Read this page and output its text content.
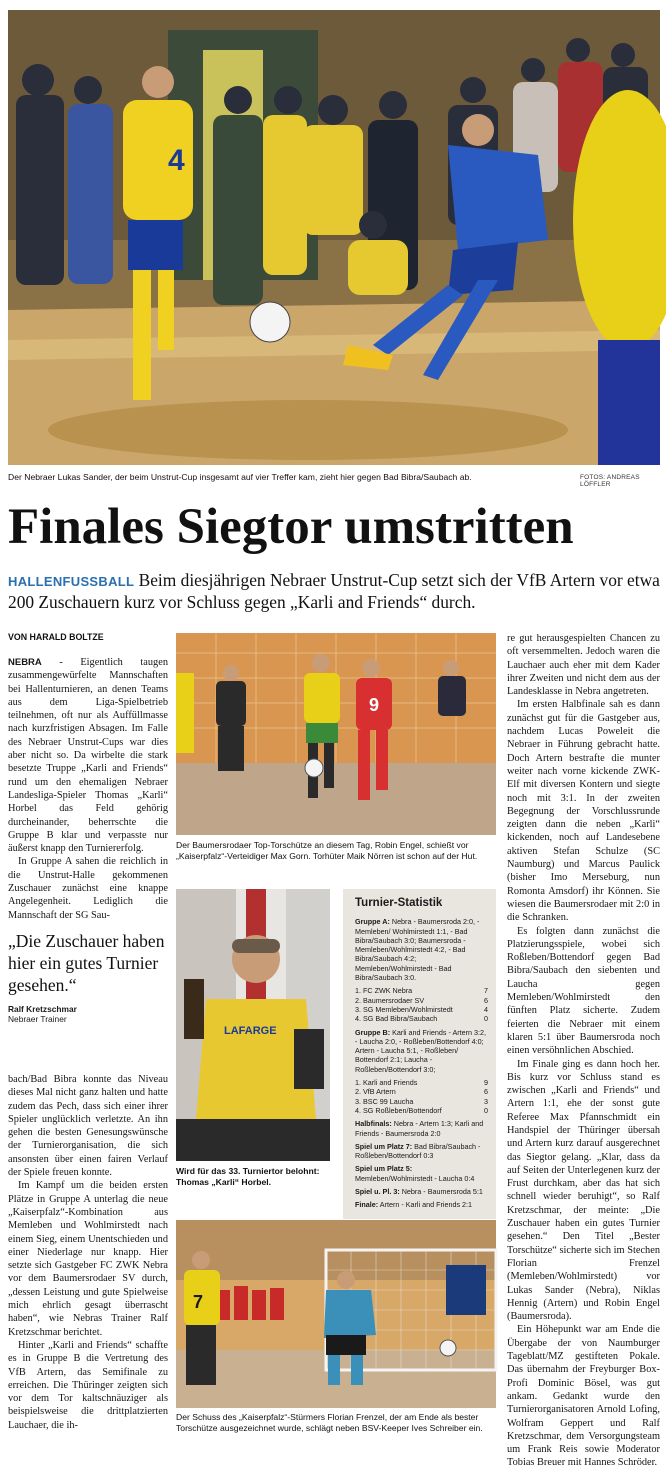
4
Der Nebraer Lukas Sander, der beim Unstrut-Cup insgesamt auf vier Treffer kam, zieht hier gegen Bad Bibra/Saubach ab.	FOTOS: ANDREAS LÖFFLER
Finales Siegtor umstritten
HALLENFUSSBALL Beim diesjährigen Nebraer Unstrut-Cup setzt sich der VfB Artern vor etwa 200 Zuschauern kurz vor Schluss gegen „Karli and Friends“ durch.
VON HARALD BOLTZE

NEBRA - Eigentlich taugen zusammengewürfelte Mannschaften bei Hallenturnieren, an denen Teams aus dem Liga-Spielbetrieb teilnehmen, oft nur als Auffüllmasse nach kurzfristigen Absagen. Im Falle des Nebraer Unstrut-Cups war dies aber nicht so. Da wirbelte die stark besetzte Truppe „Karli and Friends“ rund um den ehemaligen Nebraer Landesliga-Spieler Thomas „Karli“ Horbel das Feld gehörig durcheinander, beherrschte die Gruppe B klar und verpasste nur äußerst knapp den Turniererfolg.

In Gruppe A sahen die reichlich in die Unstrut-Halle gekommenen Zuschauer zunächst eine knappe Angelegenheit. Lediglich die Mannschaft der SG Sau-

„Die Zuschauer haben hier ein gutes Turnier gesehen.“
Ralf Kretzschmar
Nebraer Trainer

bach/Bad Bibra konnte das Niveau dieses Mal nicht ganz halten und hatte zudem das Pech, dass sich einer ihrer Spieler unglücklich verletzte. An ihn gehen die besten Genesungswünsche der Turnierorganisation, die sich ansonsten über einen fairen Verlauf der Spiele freuen konnte.

Im Kampf um die beiden ersten Plätze in Gruppe A unterlag die neue „Kaiserpfalz“-Kombination aus Memleben und Wohlmirstedt nach einem Sieg, einem Unentschieden und einer Niederlage nur knapp. Hier setzte sich Gastgeber FC ZWK Nebra vor dem Baumersrodaer SV durch, „dessen Leistung und gute Spielweise mich ehrlich gesagt überrascht haben“, wie Nebras Trainer Ralf Kretzschmar berichtet.

Hinter „Karli and Friends“ schaffte es in Gruppe B die Vertretung des VfB Artern, das Semifinale zu erreichen. Die Thüringer zeigten sich vor dem Tor kaltschnäuziger als beispielsweise die drittplatzierten Lauchaer, die ih-

9
Der Baumersrodaer Top-Torschütze an diesem Tag, Robin Engel, schießt vor „Kaiserpfalz“-Verteidiger Max Gorn. Torhüter Maik Nörren ist schon auf der Hut.
LAFARGE
Wird für das 33. Turniertor belohnt: Thomas „Karli“ Horbel.
Turnier-Statistik
Gruppe A: Nebra - Baumersroda 2:0, - Memleben/ Wohlmirstedt 1:1, - Bad Bibra/Saubach 3:0; Baumersroda - Memleben/Wohlmirstedt 4:2, - Bad Bibra/Saubach 4:2; Memleben/Wohlmirstedt - Bad Bibra/Saubach 3:0.
1. FC ZWK Nebra	7
2. Baumersrodaer SV	6
3. SG Memleben/Wohlmirstedt	4
4. SG Bad Bibra/Saubach	0
Gruppe B: Karli and Friends - Artern 3:2, - Laucha 2:0, - Roßleben/Bottendorf 4:0; Artern - Laucha 5:1, - Roßleben/ Bottendorf 2:1; Laucha - Roßleben/Bottendorf 3:0;
1. Karli and Friends	9
2. VfB Artern	6
3. BSC 99 Laucha	3
4. SG Roßleben/Bottendorf	0
Halbfinals: Nebra - Artern 1:3; Karli and Friends - Baumersroda 2:0
Spiel um Platz 7: Bad Bibra/Saubach - Roßleben/Bottendorf 0:3
Spiel um Platz 5: Memleben/Wohlmirstedt - Laucha 0:4
Spiel u. Pl. 3: Nebra - Baumersroda 5:1
Finale: Artern - Karli and Friends 2:1
7
Der Schuss des „Kaiserpfalz“-Stürmers Florian Frenzel, der am Ende als bester Torschütze ausgezeichnet wurde, schlägt neben BSV-Keeper Ives Schreiber ein.

re gut herausgespielten Chancen zu oft versemmelten. Jedoch waren die Lauchaer auch eher mit dem Kader ihrer Zweiten und nicht dem aus der Landesklasse in Nebra angetreten.

Im ersten Halbfinale sah es dann zunächst gut für die Gastgeber aus, nachdem Lucas Poweleit die Nebraer in Führung gebracht hatte. Doch Artern bestrafte die munter weiter nach vorne kickende ZWK-Elf mit diversen Kontern und siegte noch mit 3:1. In der zweiten Begegnung der Vorschlussrunde zeigten dann die neben „Karli“ kickenden, noch auf Landesebene aktiven Stefan Schulze (SC Naumburg) und Marcus Paulick (bisher Imo Merseburg, nun Romonta Amsdorf) ihr Können. Sie wiesen die Baumersrodaer mit 2:0 in die Schranken.

Es folgten dann zunächst die Platzierungsspiele, wobei sich Roßleben/Bottendorf gegen Bad Bibra/Saubach den siebenten und Laucha gegen Memleben/Wohlmirstedt den fünften Platz sicherte. Zudem feierten die Nebraer mit einem klaren 5:1 über Baumersroda noch einen versöhnlichen Abschied.

Im Finale ging es dann hoch her. Bis kurz vor Schluss stand es zwischen „Karli and Friends“ und Artern 1:1, ehe der sonst gute Referee Max Pfannschmidt ein Handspiel der Thüringer übersah und Artern kurz darauf ausgerechnet das Siegtor gelang. „Klar, dass da auf Seiten der Unterlegenen kurz der Frust durchkam, aber das hat sich schnell wieder beruhigt“, so Ralf Kretzschmar, der meinte: „Die Zuschauer haben ein gutes Turnier gesehen.“ Den Titel „Bester Torschütze“ sicherte sich im Stechen Florian Frenzel (Memleben/Wohlmirstedt) vor Lukas Sander (Nebra), Niklas Hennig (Artern) und Robin Engel (Baumersroda).

Ein Höhepunkt war am Ende die Übergabe der von Naumburger Tageblatt/MZ gestifteten Pokale. Das übernahm der Freyburger Box-Profi Dominic Bösel, was gut ankam. Gedankt wurde den Turnierorganisatoren Arnold Lofing, Wolfram Geppert und Ralf Kretzschmar, dem Versorgungsteam um Frank Reis sowie Moderator Tobias Breuer mit Hannes Schröder.
